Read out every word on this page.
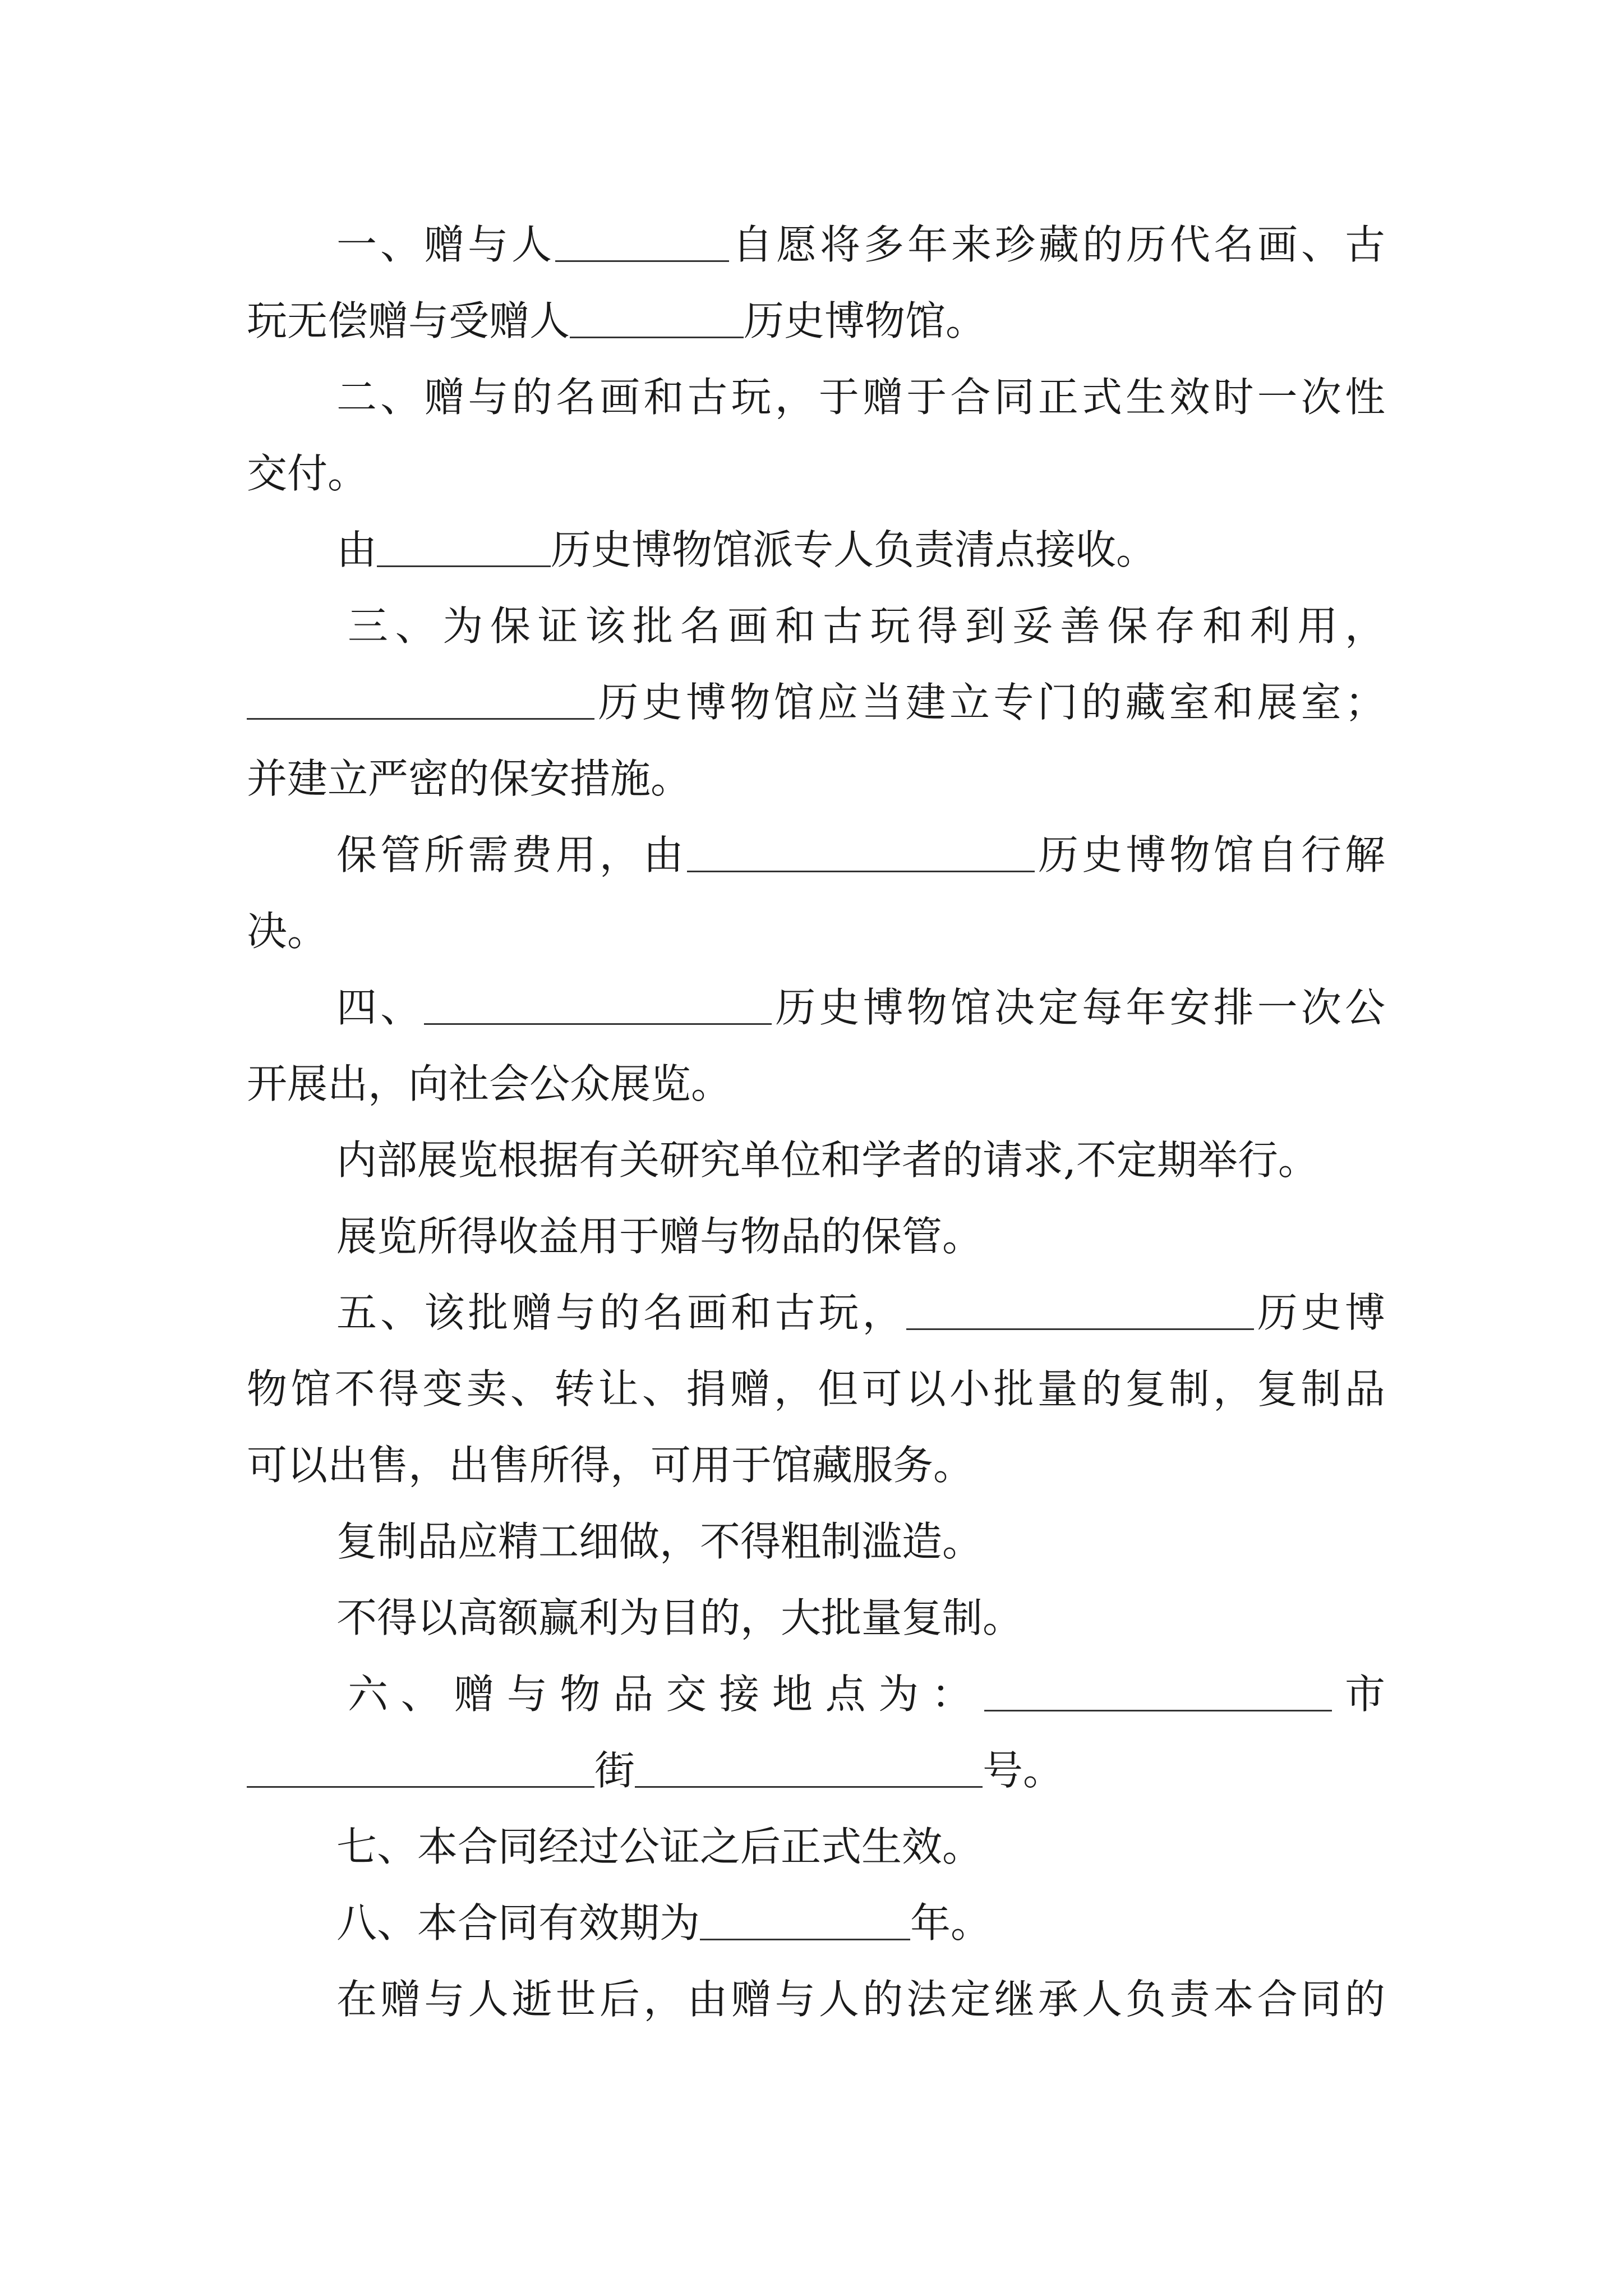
一、赠与人	自愿将多年来珍藏的历代名画、古
玩无偿赠与受赠人	历史博物馆。
二、赠与的名画和古玩，于赠于合同正式生效时一次性
交付。
由	历史博物馆派专人负责清点接收。
三、为保证该批名画和古玩得到妥善保存和利用，
历史博物馆应当建立专门的藏室和展室；
并建立严密的保安措施。
保管所需费用，由	历史博物馆自行解
决。
四、	历史博物馆决定每年安排一次公
开展出，向社会公众展览。
内部展览根据有关研究单位和学者的请求,不定期举行。
展览所得收益用于赠与物品的保管。
五、该批赠与的名画和古玩，	历史博
物馆不得变卖、转让、捐赠，但可以小批量的复制，复制品
可以出售，出售所得，可用于馆藏服务。
复制品应精工细做，不得粗制滥造。
不得以高额赢利为目的，大批量复制。
六、赠与物品交接地点为：	市
街	号。
七、本合同经过公证之后正式生效。
八、本合同有效期为	年。
在赠与人逝世后，由赠与人的法定继承人负责本合同的
